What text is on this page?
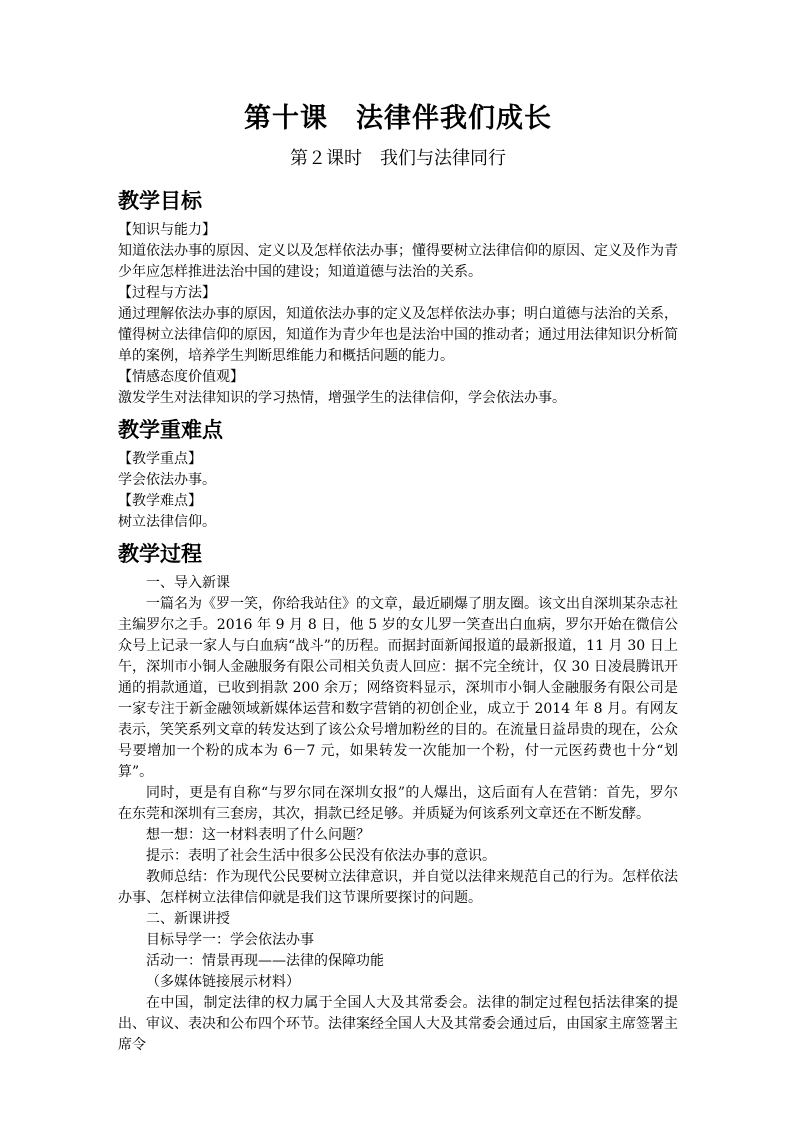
第十课　法律伴我们成长
第２课时　我们与法律同行
教学目标

【知识与能力】

知道依法办事的原因、定义以及怎样依法办事；懂得要树立法律信仰的原因、定义及作为青少年应怎样推进法治中国的建设；知道道德与法治的关系。

【过程与方法】

通过理解依法办事的原因，知道依法办事的定义及怎样依法办事；明白道德与法治的关系，懂得树立法律信仰的原因，知道作为青少年也是法治中国的推动者；通过用法律知识分析简单的案例，培养学生判断思维能力和概括问题的能力。

【情感态度价值观】

激发学生对法律知识的学习热情，增强学生的法律信仰，学会依法办事。

教学重难点

【教学重点】

学会依法办事。

【教学难点】

树立法律信仰。

教学过程

一、导入新课

一篇名为《罗一笑，你给我站住》的文章，最近刷爆了朋友圈。该文出自深圳某杂志社主编罗尔之手。2016 年 9 月 8 日，他 5 岁的女儿罗一笑查出白血病，罗尔开始在微信公众号上记录一家人与白血病“战斗”的历程。而据封面新闻报道的最新报道，11 月 30 日上午，深圳市小铜人金融服务有限公司相关负责人回应：据不完全统计，仅 30 日凌晨腾讯开通的捐款通道，已收到捐款 200 余万；网络资料显示，深圳市小铜人金融服务有限公司是一家专注于新金融领域新媒体运营和数字营销的初创企业，成立于 2014 年 8 月。有网友表示，笑笑系列文章的转发达到了该公众号增加粉丝的目的。在流量日益昂贵的现在，公众号要增加一个粉的成本为 6－7 元，如果转发一次能加一个粉，付一元医药费也十分“划算”。

同时，更是有自称“与罗尔同在深圳女报”的人爆出，这后面有人在营销：首先，罗尔在东莞和深圳有三套房，其次，捐款已经足够。并质疑为何该系列文章还在不断发酵。

想一想：这一材料表明了什么问题？

提示：表明了社会生活中很多公民没有依法办事的意识。

教师总结：作为现代公民要树立法律意识，并自觉以法律来规范自己的行为。怎样依法办事、怎样树立法律信仰就是我们这节课所要探讨的问题。

二、新课讲授

目标导学一：学会依法办事

活动一：情景再现——法律的保障功能

（多媒体链接展示材料）

在中国，制定法律的权力属于全国人大及其常委会。法律的制定过程包括法律案的提出、审议、表决和公布四个环节。法律案经全国人大及其常委会通过后，由国家主席签署主席令
